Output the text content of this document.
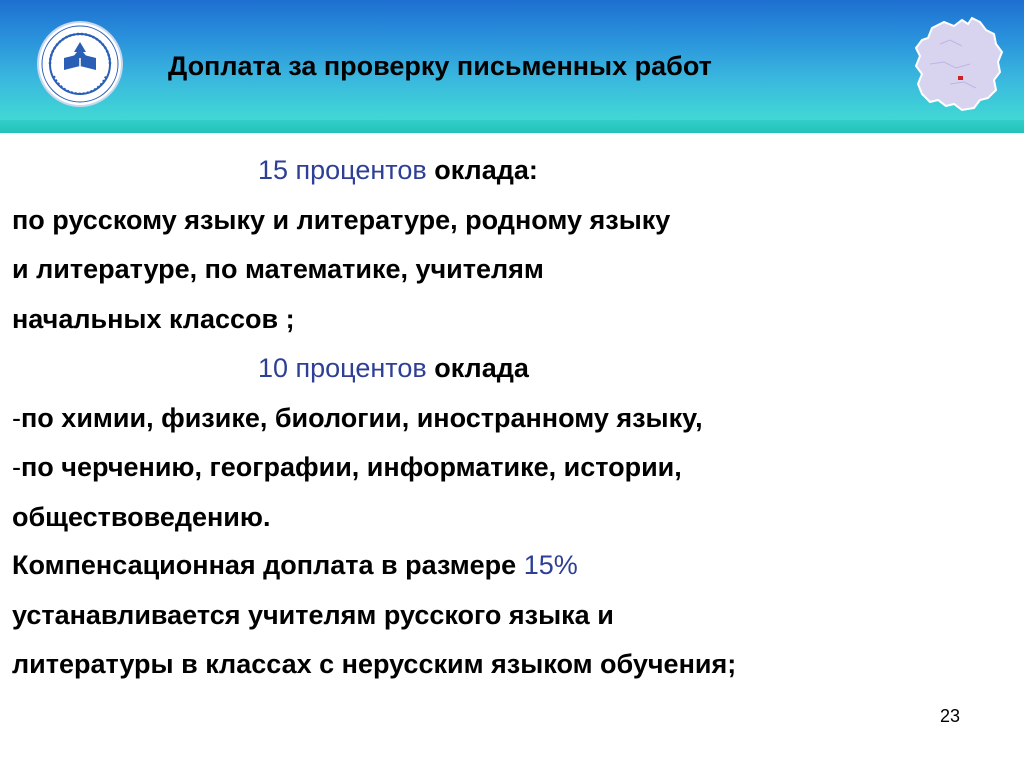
Доплата за проверку письменных работ
15 процентов оклада:
по русскому языку и литературе, родному языку
и литературе, по математике, учителям
начальных классов ;
10 процентов оклада
-по химии, физике, биологии, иностранному языку,
-по черчению, географии, информатике, истории,
обществоведению.
Компенсационная доплата в размере 15%
устанавливается учителям русского языка и
литературы в классах с нерусским языком обучения;
23
